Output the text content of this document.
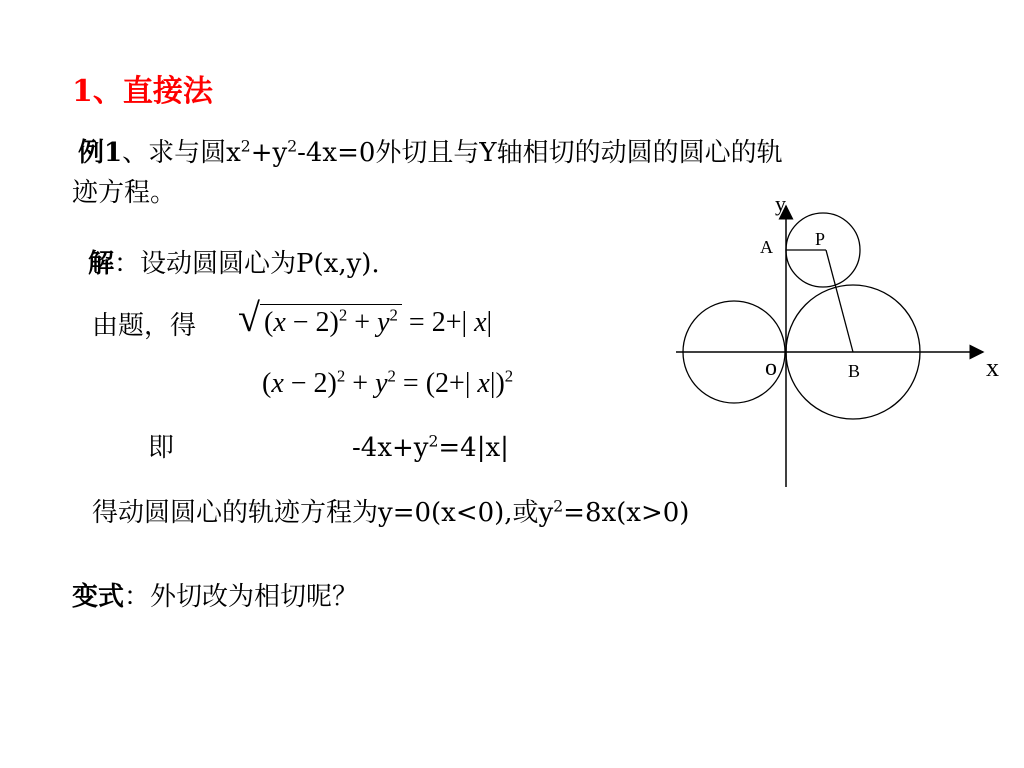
1、直接法
例1、求与圆$x^2+y^2-4x=0$外切且与Y轴相切的动圆的圆心的轨
迹方程。
解：设动圆圆心为P(x,y).
由题，得 √ $(x - 2)^2 + y^2 = 2+|$ x|
$(x - 2)^2 + y^2 = (2+|$ x|)$^2$
即	$-4x+y^2=4|x|$
得动圆圆心的轨迹方程为y=0(x<0),或$y^2=8x(x>0)$
变式：外切改为相切呢？
y
x
o
A P
B
